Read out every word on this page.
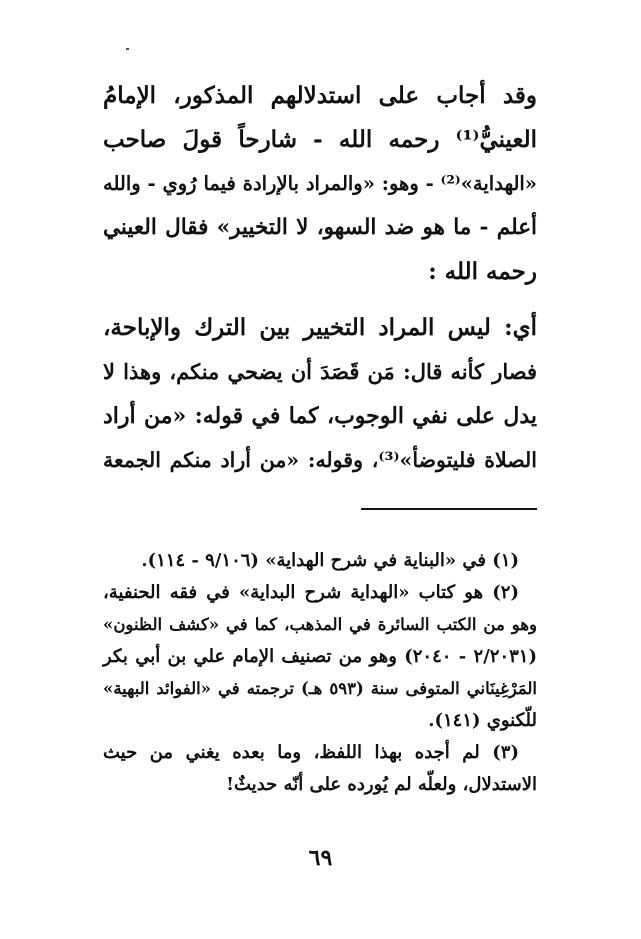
وقد أجاب على استدلالهم المذكور، الإمامُ
العينيُّ⁽¹⁾ رحمه الله - شارحاً قولَ صاحب
«الهداية»⁽²⁾ - وهو: «والمراد بالإرادة فيما رُوي - والله
أعلم - ما هو ضد السهو، لا التخيير» فقال العيني
رحمه الله :
أي: ليس المراد التخيير بين الترك والإباحة،
فصار كأنه قال: مَن قَصَدَ أن يضحي منكم، وهذا لا
يدل على نفي الوجوب، كما في قوله: «من أراد
الصلاة فليتوضأ»⁽³⁾، وقوله: «من أراد منكم الجمعة
(١) في «البناية في شرح الهداية» (٩/١٠٦ - ١١٤).
(٢) هو كتاب «الهداية شرح البداية» في فقه الحنفية،
وهو من الكتب السائرة في المذهب، كما في «كشف الظنون»
(٢/٢٠٣١ - ٢٠٤٠) وهو من تصنيف الإمام علي بن أبي بكر
المَرْغِينَاني المتوفى سنة (٥٩٣ هـ) ترجمته في «الفوائد البهية»
للّكنوي (١٤١).
(٣) لم أجده بهذا اللفظ، وما بعده يغني من حيث
الاستدلال، ولعلّه لم يُورده على أنّه حديثٌ!
٦٩
